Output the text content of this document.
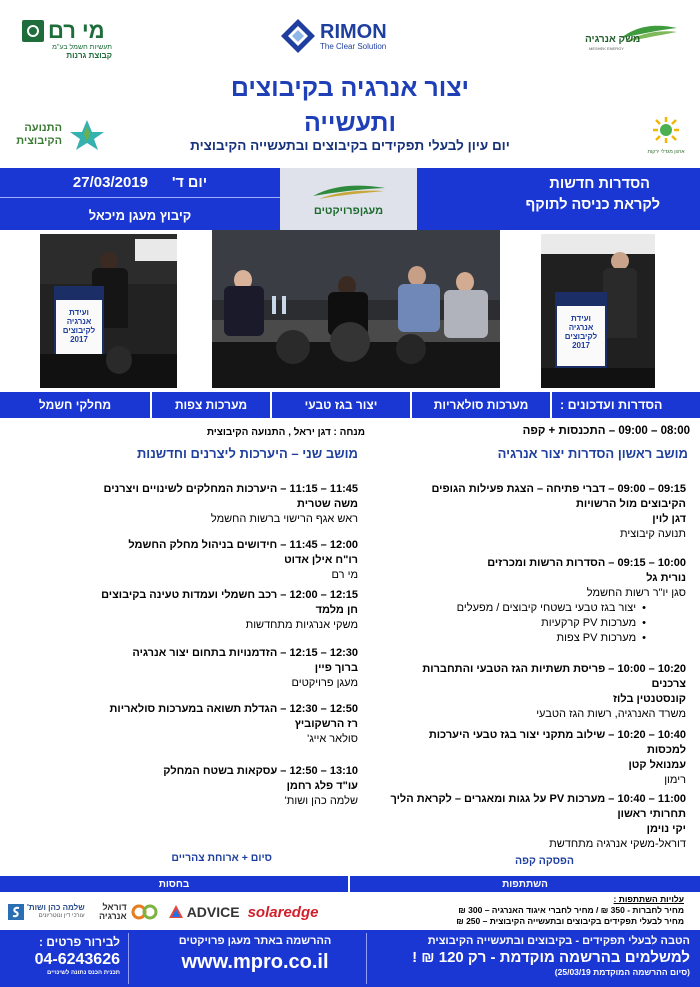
מי רם
תעשיות חשמל בע"מ
קבוצת גרנות
RIMON
The Clear Solution
משק אנרגיה
MESHEK ENERGY
התנועה
הקיבוצית
ארגון מגדלי ירקות
יצור אנרגיה בקיבוצים
ותעשייה
יום עיון לבעלי תפקידים בקיבוצים ובתעשייה הקיבוצית
הסדרות חדשות
לקראת כניסה לתוקף
מעגןפרויקטים
יום ד'
27/03/2019
קיבוץ מעגן מיכאל
ועידת
אנרגיה
לקיבוצים
2017
ועידת
אנרגיה
לקיבוצים
2017
הסדרות ועדכונים :
מערכות סולאריות
יצור בגז טבעי
מערכות צפות
מחלקי חשמל
08:00 – 09:00 – התכנסות + קפה
מנחה : דגן יראל , התנועה הקיבוצית
מושב ראשון הסדרות יצור אנרגיה
מושב שני – היערכות ליצרנים וחדשנות
09:15 – 09:00 – דברי פתיחה – הצגת פעילות הגופים
הקיבוצים מול הרשויות
דגן לוין
תנועה קיבוצית
10:00 – 09:15 – הסדרות הרשות ומכרזים
נורית גל
סגן יו"ר רשות החשמל
• יצור בגז טבעי בשטחי קיבוצים / מפעלים
• מערכות PV קרקעיות
• מערכות PV צפות
10:20 – 10:00 – פריסת תשתיות הגז הטבעי והתחברות
צרכנים
קונסטנטין בלוז
משרד האנרגיה, רשות הגז הטבעי
10:40 – 10:20 – שילוב מתקני יצור בגז טבעי היערכות
למכסות
עמנואל קטן
רימון
11:00 – 10:40 – מערכות PV על גגות ומאגרים – לקראת הליך
תחרותי ראשון
יקי נוימן
דוראל-משקי אנרגיה מתחדשת
הפסקה קפה
11:45 – 11:15 – היערכות המחלקים לשינויים ויצרנים
משה שטרית
ראש אגף הרישוי ברשות החשמל
12:00 – 11:45 – חידושים בניהול מחלק החשמל
רו"ח אילן אדוט
מי רם
12:15 – 12:00 – רכב חשמלי ועמדות טעינה בקיבוצים
חן מלמד
משקי אנרגיות מתחדשות
12:30 – 12:15 – הזדמנויות בתחום יצור אנרגיה
ברוך פיין
מעגן פרויקטים
12:50 – 12:30 – הגדלת תשואה במערכות סולאריות
רז הרשקוביץ
סולאר אייג'
13:10 – 12:50 – עסקאות בשטח המחלק
עו"ד פלג רחמן
שלמה כהן ושות'
סיום + ארוחת צהריים
השתתפות
בחסות
עלויות השתתפות :
מחיר לחברות - 350 ₪ / מחיר לחברי איגוד האנרגיה – 300 ₪
מחיר לבעלי תפקידים בקיבוצים ובתעשייה הקיבוצית – 250 ₪
שלמה כהן ושות'
עורכי דין ונוטריונים
דוראל אנרגיה	ADVICE solaredge
הטבה לבעלי תפקידים - בקיבוצים ובתעשייה הקיבוצית
למשלמים בהרשמה מוקדמת - רק 120 ₪ !
(סיום ההרשמה המוקדמת 25/03/19)
ההרשמה באתר מעגן פרויקטים
www.mpro.co.il
לבירור פרטים :
04-6243626
תכנית הכנס נתונה לשינויים
